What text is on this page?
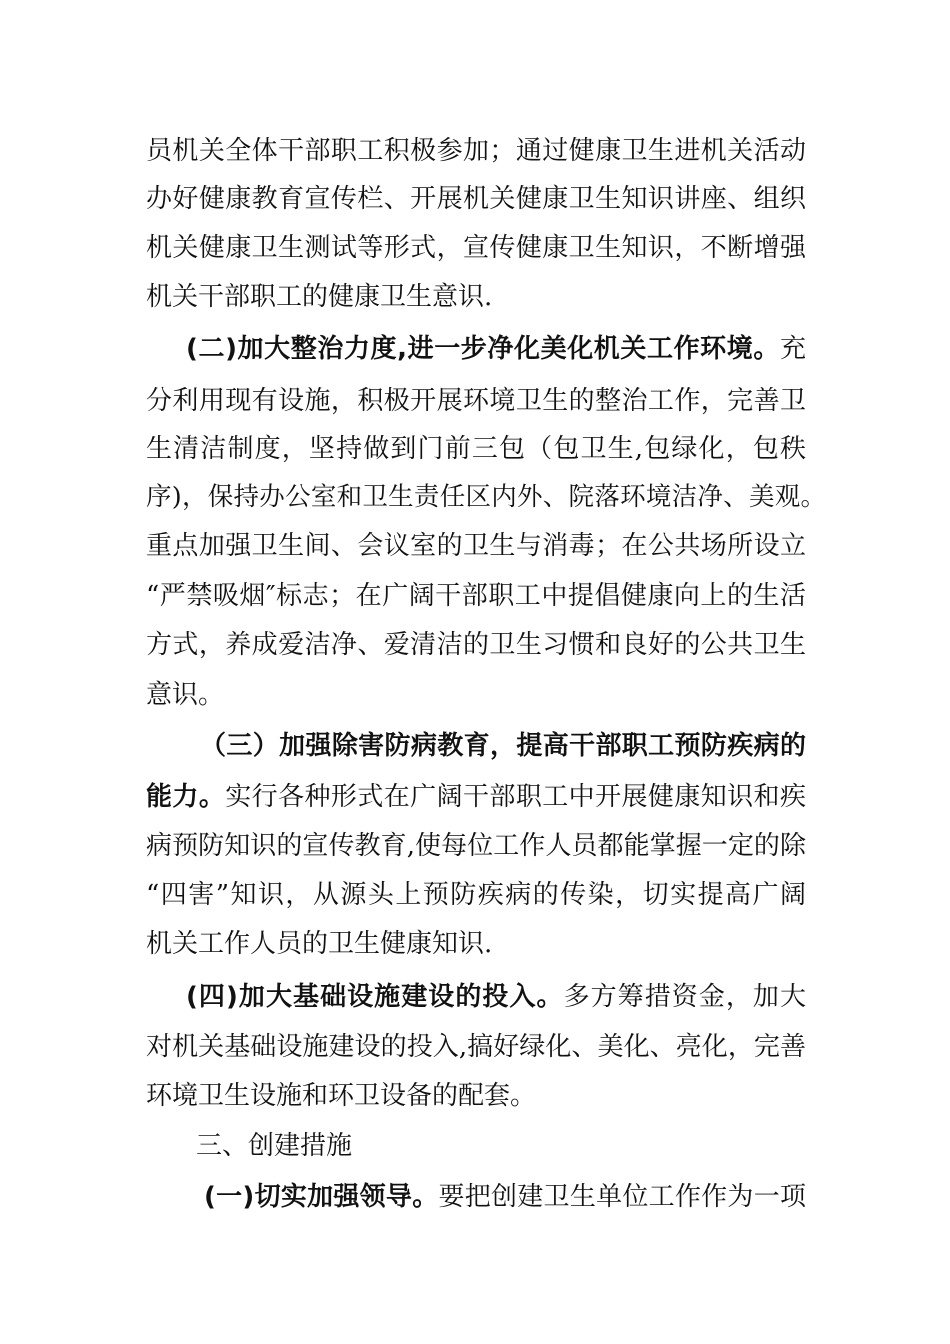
员机关全体干部职工积极参加；通过健康卫生进机关活动
办好健康教育宣传栏、开展机关健康卫生知识讲座、组织
机关健康卫生测试等形式，宣传健康卫生知识，不断增强
机关干部职工的健康卫生意识.
(二)加大整治力度,进一步净化美化机关工作环境。充
分利用现有设施，积极开展环境卫生的整治工作，完善卫
生清洁制度，坚持做到门前三包（包卫生,包绿化，包秩
序)，保持办公室和卫生责任区内外、院落环境洁净、美观。
重点加强卫生间、会议室的卫生与消毒；在公共场所设立
“严禁吸烟″标志；在广阔干部职工中提倡健康向上的生活
方式，养成爱洁净、爱清洁的卫生习惯和良好的公共卫生
意识。
（三）加强除害防病教育，提高干部职工预防疾病的
能力。实行各种形式在广阔干部职工中开展健康知识和疾
病预防知识的宣传教育,使每位工作人员都能掌握一定的除
“四害”知识，从源头上预防疾病的传染，切实提高广阔
机关工作人员的卫生健康知识.
(四)加大基础设施建设的投入。多方筹措资金，加大
对机关基础设施建设的投入,搞好绿化、美化、亮化，完善
环境卫生设施和环卫设备的配套。
三、创建措施
(一)切实加强领导。要把创建卫生单位工作作为一项
